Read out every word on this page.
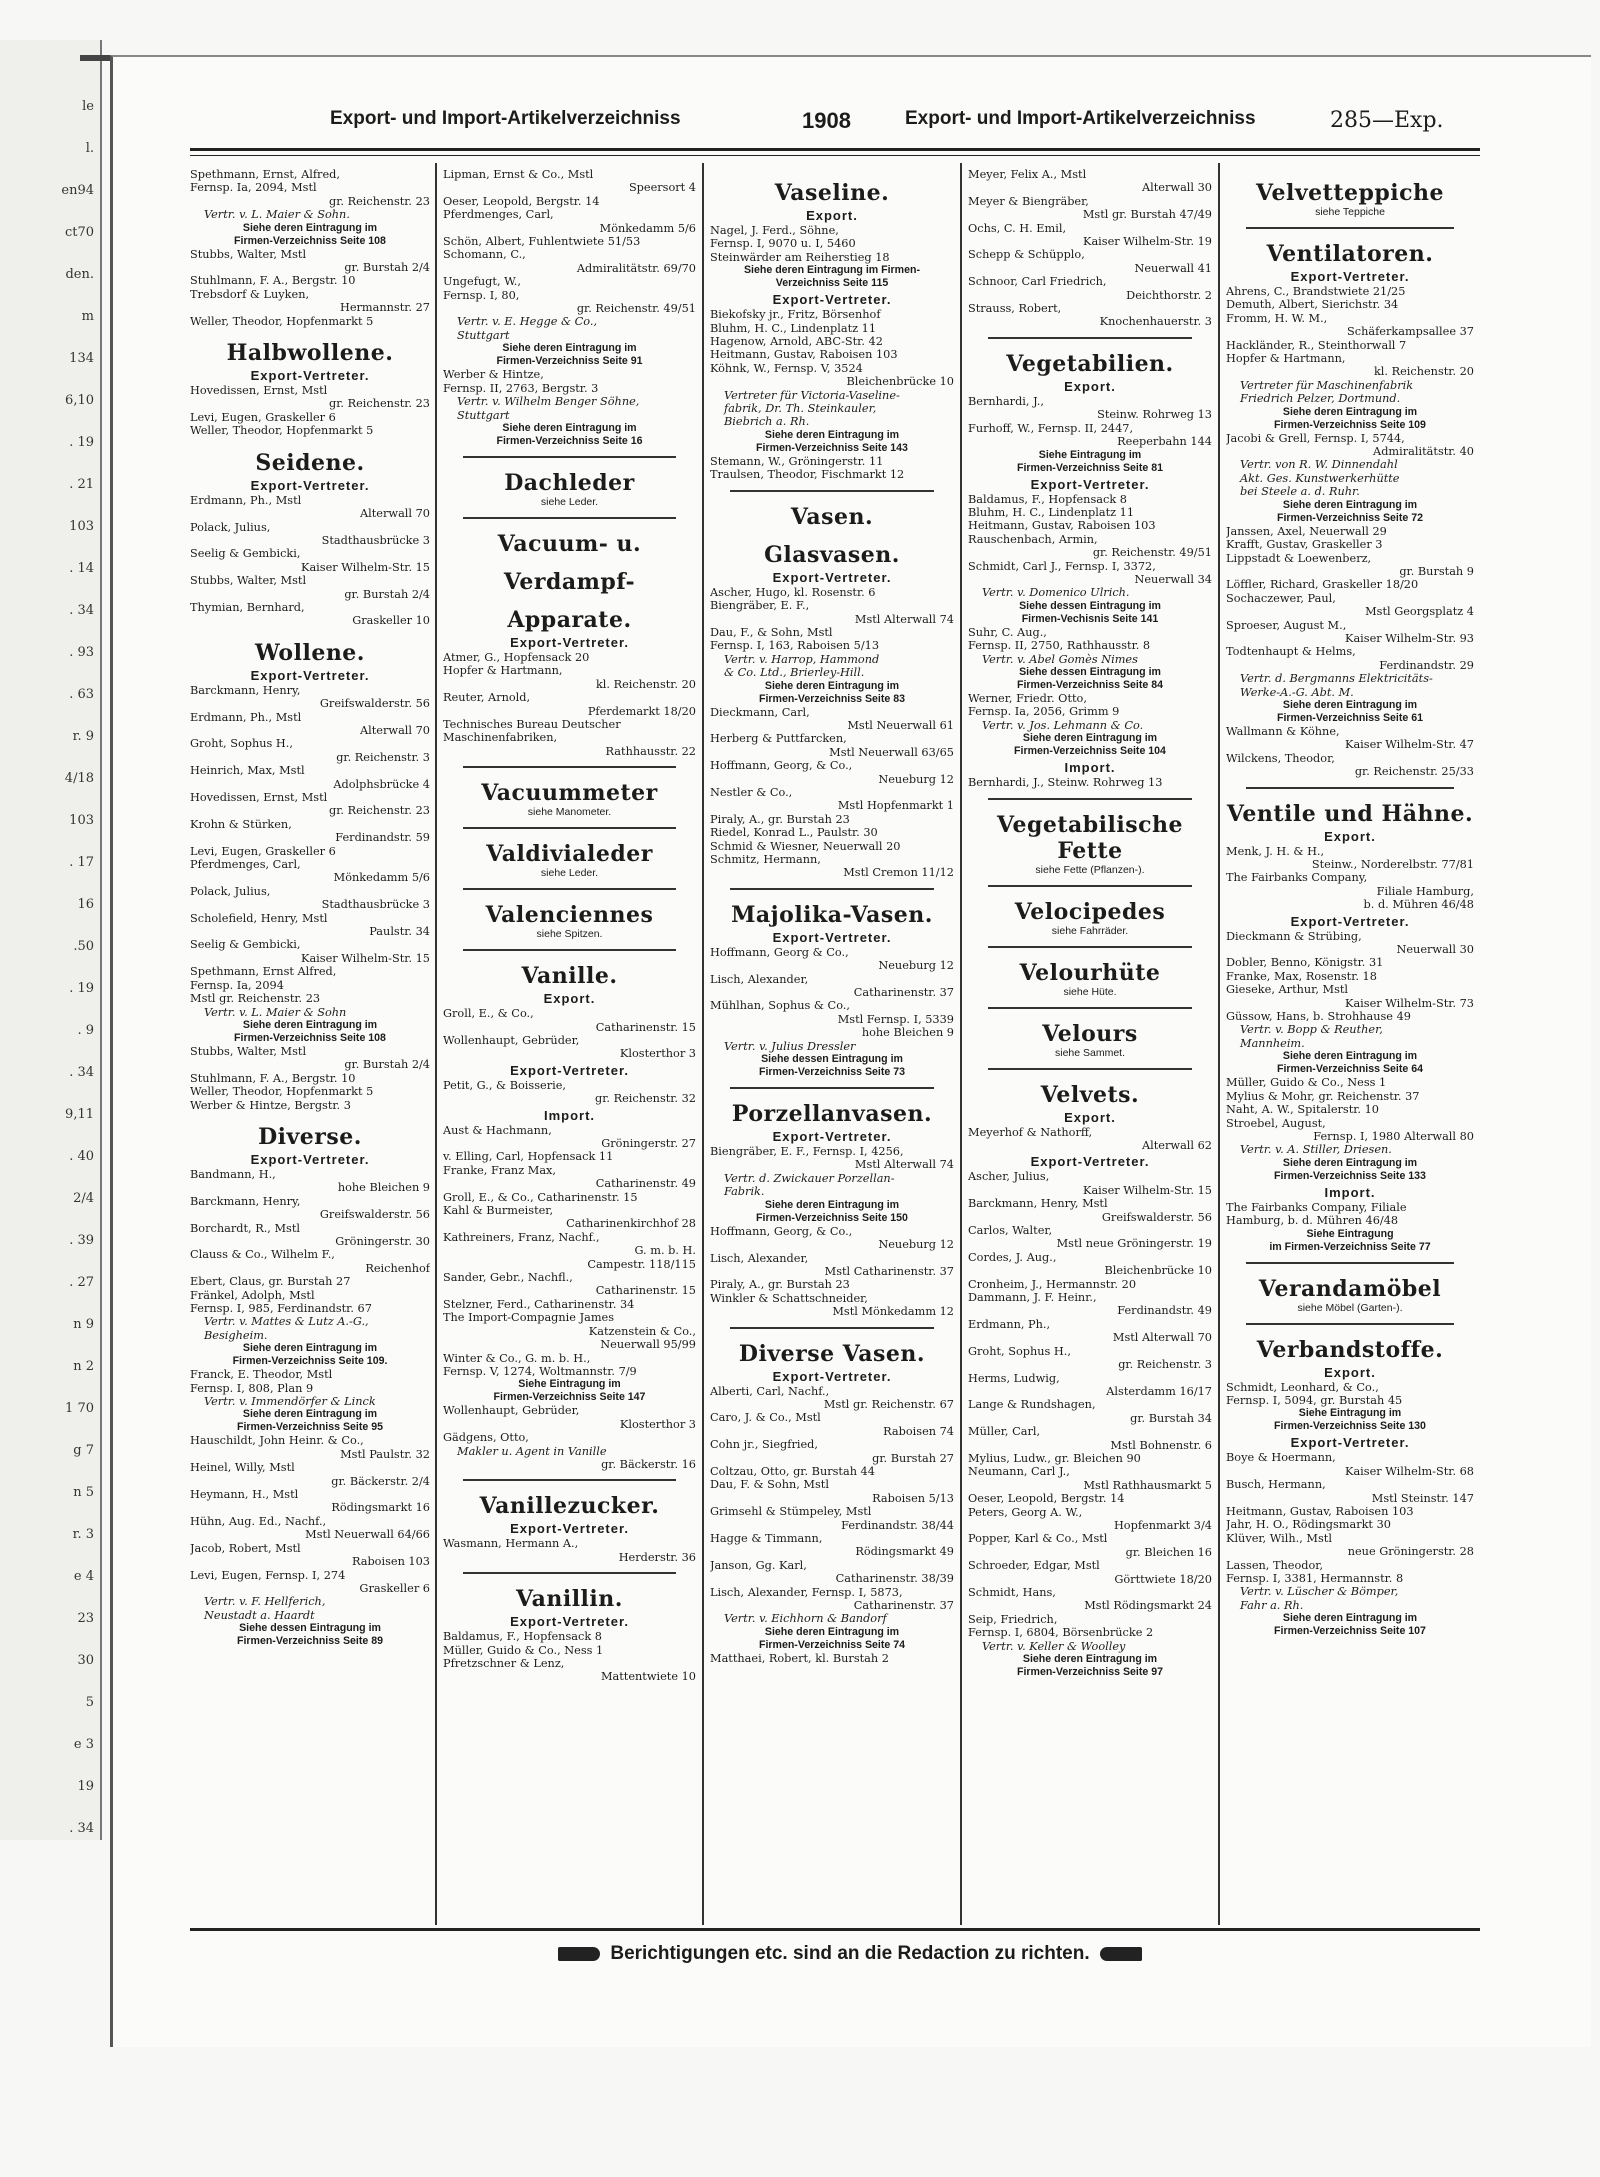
le
l.
en94
ct70
den.
m
134
6,10
. 19
. 21
103
. 14
. 34
. 93
. 63
r. 9
4/18
103
. 17
16
.50
. 19
. 9
. 34
9,11
. 40
2/4
. 39
. 27
n 9
n 2
1 70
g 7
n 5
r. 3
e 4
23
30
5
e 3
19
. 34
Export- und Import-Artikelverzeichniss	1908	Export- und Import-Artikelverzeichniss	285—Exp.
Spethmann, Ernst, Alfred,
Fernsp. Ia, 2094, Mstl
gr. Reichenstr. 23
Vertr. v. L. Maier & Sohn.
Siehe deren Eintragung im
Firmen-Verzeichniss Seite 108
Stubbs, Walter, Mstl
gr. Burstah 2/4
Stuhlmann, F. A., Bergstr. 10
Trebsdorf & Luyken,
Hermannstr. 27
Weller, Theodor, Hopfenmarkt 5
Halbwollene.
Export-Vertreter.
Hovedissen, Ernst, Mstl
gr. Reichenstr. 23
Levi, Eugen, Graskeller 6
Weller, Theodor, Hopfenmarkt 5
Seidene.
Export-Vertreter.
Erdmann, Ph., Mstl
Alterwall 70
Polack, Julius,
Stadthausbrücke 3
Seelig & Gembicki,
Kaiser Wilhelm-Str. 15
Stubbs, Walter, Mstl
gr. Burstah 2/4
Thymian, Bernhard,
Graskeller 10
Wollene.
Export-Vertreter.
Barckmann, Henry,
Greifswalderstr. 56
Erdmann, Ph., Mstl
Alterwall 70
Groht, Sophus H.,
gr. Reichenstr. 3
Heinrich, Max, Mstl
Adolphsbrücke 4
Hovedissen, Ernst, Mstl
gr. Reichenstr. 23
Krohn & Stürken,
Ferdinandstr. 59
Levi, Eugen, Graskeller 6
Pferdmenges, Carl,
Mönkedamm 5/6
Polack, Julius,
Stadthausbrücke 3
Scholefield, Henry, Mstl
Paulstr. 34
Seelig & Gembicki,
Kaiser Wilhelm-Str. 15
Spethmann, Ernst Alfred,
Fernsp. Ia, 2094
Mstl gr. Reichenstr. 23
Vertr. v. L. Maier & Sohn
Siehe deren Eintragung im
Firmen-Verzeichniss Seite 108
Stubbs, Walter, Mstl
gr. Burstah 2/4
Stuhlmann, F. A., Bergstr. 10
Weller, Theodor, Hopfenmarkt 5
Werber & Hintze, Bergstr. 3
Diverse.
Export-Vertreter.
Bandmann, H.,
hohe Bleichen 9
Barckmann, Henry,
Greifswalderstr. 56
Borchardt, R., Mstl
Gröningerstr. 30
Clauss & Co., Wilhelm F.,
Reichenhof
Ebert, Claus, gr. Burstah 27
Fränkel, Adolph, Mstl
Fernsp. I, 985, Ferdinandstr. 67
Vertr. v. Mattes & Lutz A.-G.,
Besigheim.
Siehe deren Eintragung im
Firmen-Verzeichniss Seite 109.
Franck, E. Theodor, Mstl
Fernsp. I, 808, Plan 9
Vertr. v. Immendörfer & Linck
Siehe deren Eintragung im
Firmen-Verzeichniss Seite 95
Hauschildt, John Heinr. & Co.,
Mstl Paulstr. 32
Heinel, Willy, Mstl
gr. Bäckerstr. 2/4
Heymann, H., Mstl
Rödingsmarkt 16
Hühn, Aug. Ed., Nachf.,
Mstl Neuerwall 64/66
Jacob, Robert, Mstl
Raboisen 103
Levi, Eugen, Fernsp. I, 274
Graskeller 6
Vertr. v. F. Hellferich,
Neustadt a. Haardt
Siehe dessen Eintragung im
Firmen-Verzeichniss Seite 89
Lipman, Ernst & Co., Mstl
Speersort 4
Oeser, Leopold, Bergstr. 14
Pferdmenges, Carl,
Mönkedamm 5/6
Schön, Albert, Fuhlentwiete 51/53
Schomann, C.,
Admiralitätstr. 69/70
Ungefugt, W.,
Fernsp. I, 80,
gr. Reichenstr. 49/51
Vertr. v. E. Hegge & Co.,
Stuttgart
Siehe deren Eintragung im
Firmen-Verzeichniss Seite 91
Werber & Hintze,
Fernsp. II, 2763, Bergstr. 3
Vertr. v. Wilhelm Benger Söhne,
Stuttgart
Siehe deren Eintragung im
Firmen-Verzeichniss Seite 16
Dachleder
siehe Leder.
Vacuum- u.
Verdampf-
Apparate.
Export-Vertreter.
Atmer, G., Hopfensack 20
Hopfer & Hartmann,
kl. Reichenstr. 20
Reuter, Arnold,
Pferdemarkt 18/20
Technisches Bureau Deutscher
Maschinenfabriken,
Rathhausstr. 22
Vacuummeter
siehe Manometer.
Valdivialeder
siehe Leder.
Valenciennes
siehe Spitzen.
Vanille.
Export.
Groll, E., & Co.,
Catharinenstr. 15
Wollenhaupt, Gebrüder,
Klosterthor 3
Export-Vertreter.
Petit, G., & Boisserie,
gr. Reichenstr. 32
Import.
Aust & Hachmann,
Gröningerstr. 27
v. Elling, Carl, Hopfensack 11
Franke, Franz Max,
Catharinenstr. 49
Groll, E., & Co., Catharinenstr. 15
Kahl & Burmeister,
Catharinenkirchhof 28
Kathreiners, Franz, Nachf.,
G. m. b. H.
Campestr. 118/115
Sander, Gebr., Nachfl.,
Catharinenstr. 15
Stelzner, Ferd., Catharinenstr. 34
The Import-Compagnie James
Katzenstein & Co.,
Neuerwall 95/99
Winter & Co., G. m. b. H.,
Fernsp. V, 1274, Woltmannstr. 7/9
Siehe Eintragung im
Firmen-Verzeichniss Seite 147
Wollenhaupt, Gebrüder,
Klosterthor 3
Gädgens, Otto,
Makler u. Agent in Vanille
gr. Bäckerstr. 16
Vanillezucker.
Export-Vertreter.
Wasmann, Hermann A.,
Herderstr. 36
Vanillin.
Export-Vertreter.
Baldamus, F., Hopfensack 8
Müller, Guido & Co., Ness 1
Pfretzschner & Lenz,
Mattentwiete 10
Vaseline.
Export.
Nagel, J. Ferd., Söhne,
Fernsp. I, 9070 u. I, 5460
Steinwärder am Reiherstieg 18
Siehe deren Eintragung im Firmen-
Verzeichniss Seite 115
Export-Vertreter.
Biekofsky jr., Fritz, Börsenhof
Bluhm, H. C., Lindenplatz 11
Hagenow, Arnold, ABC-Str. 42
Heitmann, Gustav, Raboisen 103
Köhnk, W., Fernsp. V, 3524
Bleichenbrücke 10
Vertreter für Victoria-Vaseline-
fabrik, Dr. Th. Steinkauler,
Biebrich a. Rh.
Siehe deren Eintragung im
Firmen-Verzeichniss Seite 143
Stemann, W., Gröningerstr. 11
Traulsen, Theodor, Fischmarkt 12
Vasen.
Glasvasen.
Export-Vertreter.
Ascher, Hugo, kl. Rosenstr. 6
Biengräber, E. F.,
Mstl Alterwall 74
Dau, F., & Sohn, Mstl
Fernsp. I, 163, Raboisen 5/13
Vertr. v. Harrop, Hammond
& Co. Ltd., Brierley-Hill.
Siehe deren Eintragung im
Firmen-Verzeichniss Seite 83
Dieckmann, Carl,
Mstl Neuerwall 61
Herberg & Puttfarcken,
Mstl Neuerwall 63/65
Hoffmann, Georg, & Co.,
Neueburg 12
Nestler & Co.,
Mstl Hopfenmarkt 1
Piraly, A., gr. Burstah 23
Riedel, Konrad L., Paulstr. 30
Schmid & Wiesner, Neuerwall 20
Schmitz, Hermann,
Mstl Cremon 11/12
Majolika-Vasen.
Export-Vertreter.
Hoffmann, Georg & Co.,
Neueburg 12
Lisch, Alexander,
Catharinenstr. 37
Mühlhan, Sophus & Co.,
Mstl Fernsp. I, 5339
hohe Bleichen 9
Vertr. v. Julius Dressler
Siehe dessen Eintragung im
Firmen-Verzeichniss Seite 73
Porzellanvasen.
Export-Vertreter.
Biengräber, E. F., Fernsp. I, 4256,
Mstl Alterwall 74
Vertr. d. Zwickauer Porzellan-
Fabrik.
Siehe deren Eintragung im
Firmen-Verzeichniss Seite 150
Hoffmann, Georg, & Co.,
Neueburg 12
Lisch, Alexander,
Mstl Catharinenstr. 37
Piraly, A., gr. Burstah 23
Winkler & Schattschneider,
Mstl Mönkedamm 12
Diverse Vasen.
Export-Vertreter.
Alberti, Carl, Nachf.,
Mstl gr. Reichenstr. 67
Caro, J. & Co., Mstl
Raboisen 74
Cohn jr., Siegfried,
gr. Burstah 27
Coltzau, Otto, gr. Burstah 44
Dau, F. & Sohn, Mstl
Raboisen 5/13
Grimsehl & Stümpeley, Mstl
Ferdinandstr. 38/44
Hagge & Timmann,
Rödingsmarkt 49
Janson, Gg. Karl,
Catharinenstr. 38/39
Lisch, Alexander, Fernsp. I, 5873,
Catharinenstr. 37
Vertr. v. Eichhorn & Bandorf
Siehe deren Eintragung im
Firmen-Verzeichniss Seite 74
Matthaei, Robert, kl. Burstah 2
Meyer, Felix A., Mstl
Alterwall 30
Meyer & Biengräber,
Mstl gr. Burstah 47/49
Ochs, C. H. Emil,
Kaiser Wilhelm-Str. 19
Schepp & Schüpplo,
Neuerwall 41
Schnoor, Carl Friedrich,
Deichthorstr. 2
Strauss, Robert,
Knochenhauerstr. 3
Vegetabilien.
Export.
Bernhardi, J.,
Steinw. Rohrweg 13
Furhoff, W., Fernsp. II, 2447,
Reeperbahn 144
Siehe Eintragung im
Firmen-Verzeichniss Seite 81
Export-Vertreter.
Baldamus, F., Hopfensack 8
Bluhm, H. C., Lindenplatz 11
Heitmann, Gustav, Raboisen 103
Rauschenbach, Armin,
gr. Reichenstr. 49/51
Schmidt, Carl J., Fernsp. I, 3372,
Neuerwall 34
Vertr. v. Domenico Ulrich.
Siehe dessen Eintragung im
Firmen-Vechisnis Seite 141
Suhr, C. Aug.,
Fernsp. II, 2750, Rathhausstr. 8
Vertr. v. Abel Gomès Nimes
Siehe dessen Eintragung im
Firmen-Verzeichniss Seite 84
Werner, Friedr. Otto,
Fernsp. Ia, 2056, Grimm 9
Vertr. v. Jos. Lehmann & Co.
Siehe deren Eintragung im
Firmen-Verzeichniss Seite 104
Import.
Bernhardi, J., Steinw. Rohrweg 13
Vegetabilische Fette
siehe Fette (Pflanzen-).
Velocipedes
siehe Fahrräder.
Velourhüte
siehe Hüte.
Velours
siehe Sammet.
Velvets.
Export.
Meyerhof & Nathorff,
Alterwall 62
Export-Vertreter.
Ascher, Julius,
Kaiser Wilhelm-Str. 15
Barckmann, Henry, Mstl
Greifswalderstr. 56
Carlos, Walter,
Mstl neue Gröningerstr. 19
Cordes, J. Aug.,
Bleichenbrücke 10
Cronheim, J., Hermannstr. 20
Dammann, J. F. Heinr.,
Ferdinandstr. 49
Erdmann, Ph.,
Mstl Alterwall 70
Groht, Sophus H.,
gr. Reichenstr. 3
Herms, Ludwig,
Alsterdamm 16/17
Lange & Rundshagen,
gr. Burstah 34
Müller, Carl,
Mstl Bohnenstr. 6
Mylius, Ludw., gr. Bleichen 90
Neumann, Carl J.,
Mstl Rathhausmarkt 5
Oeser, Leopold, Bergstr. 14
Peters, Georg A. W.,
Hopfenmarkt 3/4
Popper, Karl & Co., Mstl
gr. Bleichen 16
Schroeder, Edgar, Mstl
Görttwiete 18/20
Schmidt, Hans,
Mstl Rödingsmarkt 24
Seip, Friedrich,
Fernsp. I, 6804, Börsenbrücke 2
Vertr. v. Keller & Woolley
Siehe deren Eintragung im
Firmen-Verzeichniss Seite 97
Velvetteppiche
siehe Teppiche
Ventilatoren.
Export-Vertreter.
Ahrens, C., Brandstwiete 21/25
Demuth, Albert, Sierichstr. 34
Fromm, H. W. M.,
Schäferkampsallee 37
Hackländer, R., Steinthorwall 7
Hopfer & Hartmann,
kl. Reichenstr. 20
Vertreter für Maschinenfabrik
Friedrich Pelzer, Dortmund.
Siehe deren Eintragung im
Firmen-Verzeichniss Seite 109
Jacobi & Grell, Fernsp. I, 5744,
Admiralitätstr. 40
Vertr. von R. W. Dinnendahl
Akt. Ges. Kunstwerkerhütte
bei Steele a. d. Ruhr.
Siehe deren Eintragung im
Firmen-Verzeichniss Seite 72
Janssen, Axel, Neuerwall 29
Krafft, Gustav, Graskeller 3
Lippstadt & Loewenberz,
gr. Burstah 9
Löffler, Richard, Graskeller 18/20
Sochaczewer, Paul,
Mstl Georgsplatz 4
Sproeser, August M.,
Kaiser Wilhelm-Str. 93
Todtenhaupt & Helms,
Ferdinandstr. 29
Vertr. d. Bergmanns Elektricitäts-
Werke-A.-G. Abt. M.
Siehe deren Eintragung im
Firmen-Verzeichniss Seite 61
Wallmann & Köhne,
Kaiser Wilhelm-Str. 47
Wilckens, Theodor,
gr. Reichenstr. 25/33
Ventile und Hähne.
Export.
Menk, J. H. & H.,
Steinw., Norderelbstr. 77/81
The Fairbanks Company,
Filiale Hamburg,
b. d. Mühren 46/48
Export-Vertreter.
Dieckmann & Strübing,
Neuerwall 30
Dobler, Benno, Königstr. 31
Franke, Max, Rosenstr. 18
Gieseke, Arthur, Mstl
Kaiser Wilhelm-Str. 73
Güssow, Hans, b. Strohhause 49
Vertr. v. Bopp & Reuther,
Mannheim.
Siehe deren Eintragung im
Firmen-Verzeichniss Seite 64
Müller, Guido & Co., Ness 1
Mylius & Mohr, gr. Reichenstr. 37
Naht, A. W., Spitalerstr. 10
Stroebel, August,
Fernsp. I, 1980 Alterwall 80
Vertr. v. A. Stiller, Driesen.
Siehe deren Eintragung im
Firmen-Verzeichniss Seite 133
Import.
The Fairbanks Company, Filiale
Hamburg, b. d. Mühren 46/48
Siehe Eintragung
im Firmen-Verzeichniss Seite 77
Verandamöbel
siehe Möbel (Garten-).
Verbandstoffe.
Export.
Schmidt, Leonhard, & Co.,
Fernsp. I, 5094, gr. Burstah 45
Siehe Eintragung im
Firmen-Verzeichniss Seite 130
Export-Vertreter.
Boye & Hoermann,
Kaiser Wilhelm-Str. 68
Busch, Hermann,
Mstl Steinstr. 147
Heitmann, Gustav, Raboisen 103
Jahr, H. O., Rödingsmarkt 30
Klüver, Wilh., Mstl
neue Gröningerstr. 28
Lassen, Theodor,
Fernsp. I, 3381, Hermannstr. 8
Vertr. v. Lüscher & Bömper,
Fahr a. Rh.
Siehe deren Eintragung im
Firmen-Verzeichniss Seite 107
Berichtigungen etc. sind an die Redaction zu richten.
